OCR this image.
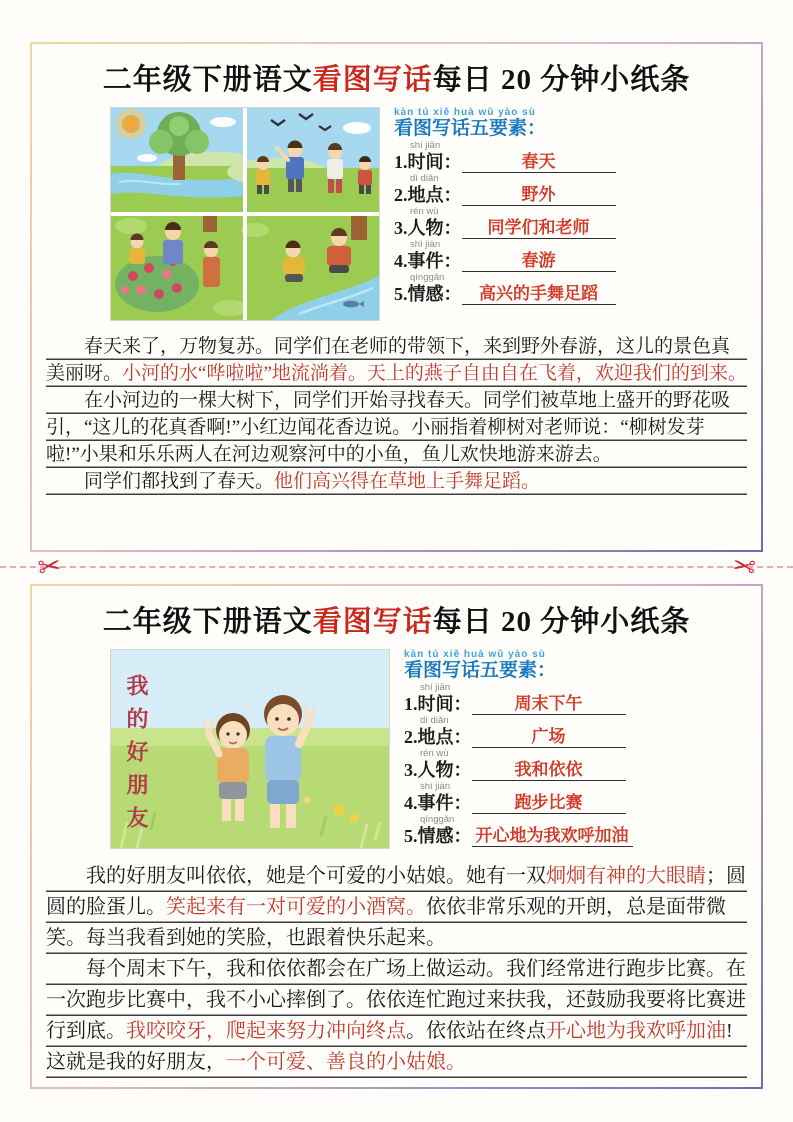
二年级下册语文看图写话每日 20 分钟小纸条
kàn tú xiě huà wǔ yào sù
看图写话五要素：
shí jiān
1.时间：	春天
dì diǎn
2.地点：	野外
rén wù
3.人物：	同学们和老师
shì jiàn
4.事件：	春游
qínggǎn
5.情感：	高兴的手舞足蹈

春天来了，万物复苏。同学们在老师的带领下，来到野外春游，这儿的景色真美丽呀。小河的水“哗啦啦”地流淌着。天上的燕子自由自在飞着，欢迎我们的到来。

在小河边的一棵大树下，同学们开始寻找春天。同学们被草地上盛开的野花吸引，“这儿的花真香啊!”小红边闻花香边说。小丽指着柳树对老师说：“柳树发芽啦!”小果和乐乐两人在河边观察河中的小鱼，鱼儿欢快地游来游去。

同学们都找到了春天。他们高兴得在草地上手舞足蹈。

✂	✂
二年级下册语文看图写话每日 20 分钟小纸条
我的好朋友
kàn tú xiě huà wǔ yào sù
看图写话五要素：
shí jiān
1.时间：	周末下午
dì diǎn
2.地点：	广场
rén wù
3.人物：	我和依依
shì jiàn
4.事件：	跑步比赛
qínggǎn
5.情感： 开心地为我欢呼加油

我的好朋友叫依依，她是个可爱的小姑娘。她有一双炯炯有神的大眼睛；圆圆的脸蛋儿。笑起来有一对可爱的小酒窝。依依非常乐观的开朗，总是面带微笑。每当我看到她的笑脸，也跟着快乐起来。

每个周末下午，我和依依都会在广场上做运动。我们经常进行跑步比赛。在一次跑步比赛中，我不小心摔倒了。依依连忙跑过来扶我，还鼓励我要将比赛进行到底。我咬咬牙，爬起来努力冲向终点。依依站在终点开心地为我欢呼加油!这就是我的好朋友，一个可爱、善良的小姑娘。
